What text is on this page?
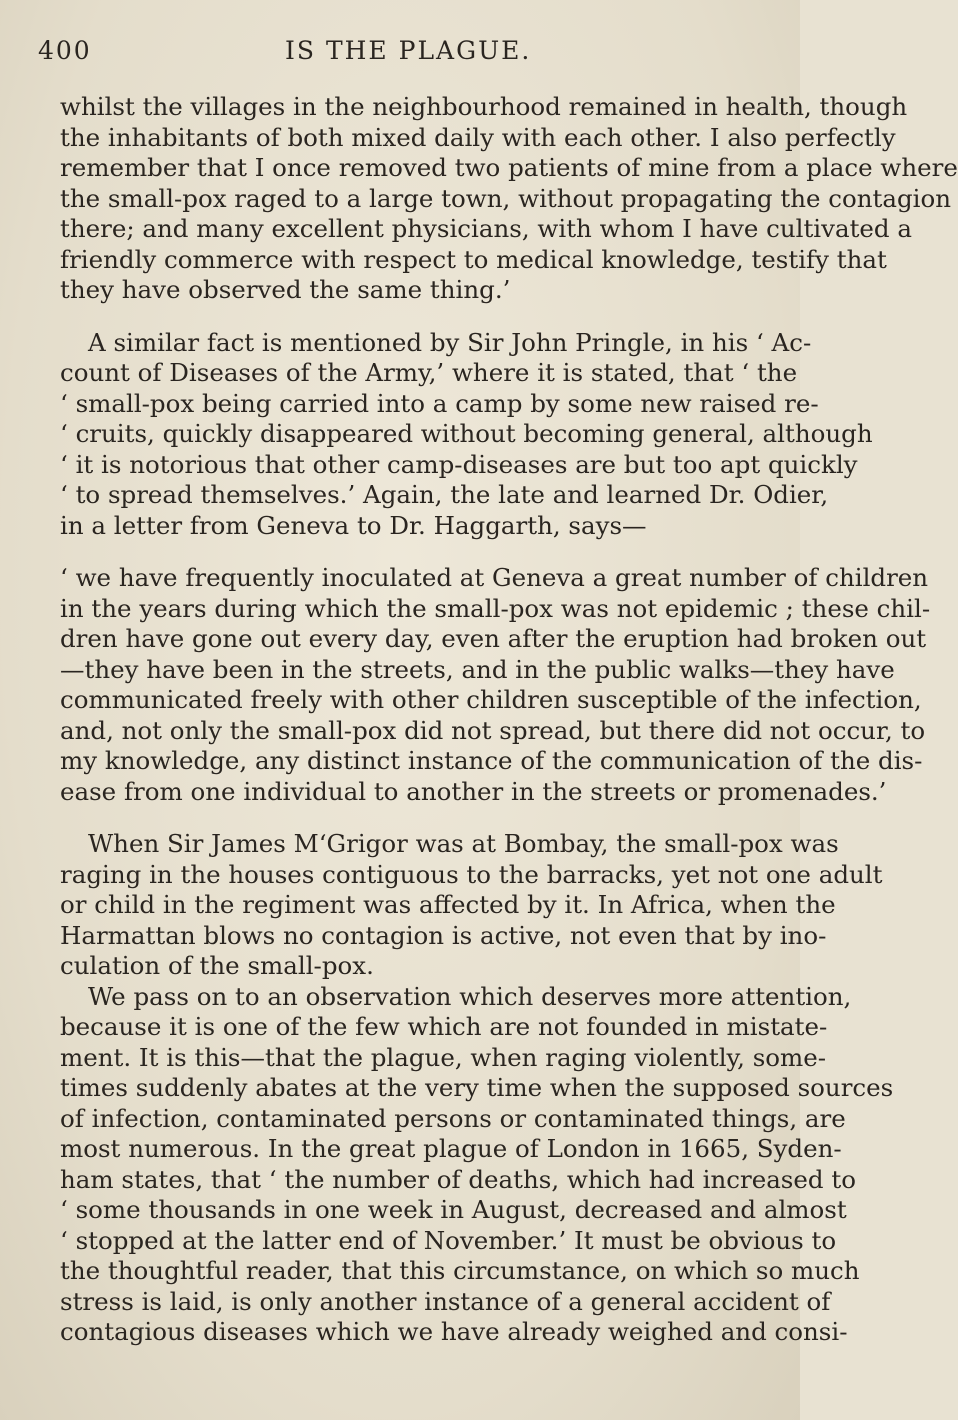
400	IS THE PLAGUE.
whilst the villages in the neighbourhood remained in health, though
the inhabitants of both mixed daily with each other. I also perfectly
remember that I once removed two patients of mine from a place where
the small-pox raged to a large town, without propagating the contagion
there; and many excellent physicians, with whom I have cultivated a
friendly commerce with respect to medical knowledge, testify that
they have observed the same thing.’
A similar fact is mentioned by Sir John Pringle, in his ‘ Ac-
count of Diseases of the Army,’ where it is stated, that ‘ the
‘ small-pox being carried into a camp by some new raised re-
‘ cruits, quickly disappeared without becoming general, although
‘ it is notorious that other camp-diseases are but too apt quickly
‘ to spread themselves.’ Again, the late and learned Dr. Odier,
in a letter from Geneva to Dr. Haggarth, says—
‘ we have frequently inoculated at Geneva a great number of children
in the years during which the small-pox was not epidemic ; these chil-
dren have gone out every day, even after the eruption had broken out
—they have been in the streets, and in the public walks—they have
communicated freely with other children susceptible of the infection,
and, not only the small-pox did not spread, but there did not occur, to
my knowledge, any distinct instance of the communication of the dis-
ease from one individual to another in the streets or promenades.’
When Sir James M‘Grigor was at Bombay, the small-pox was
raging in the houses contiguous to the barracks, yet not one adult
or child in the regiment was affected by it. In Africa, when the
Harmattan blows no contagion is active, not even that by ino-
culation of the small-pox.
We pass on to an observation which deserves more attention,
because it is one of the few which are not founded in mistate-
ment. It is this—that the plague, when raging violently, some-
times suddenly abates at the very time when the supposed sources
of infection, contaminated persons or contaminated things, are
most numerous. In the great plague of London in 1665, Syden-
ham states, that ‘ the number of deaths, which had increased to
‘ some thousands in one week in August, decreased and almost
‘ stopped at the latter end of November.’ It must be obvious to
the thoughtful reader, that this circumstance, on which so much
stress is laid, is only another instance of a general accident of
contagious diseases which we have already weighed and consi-
